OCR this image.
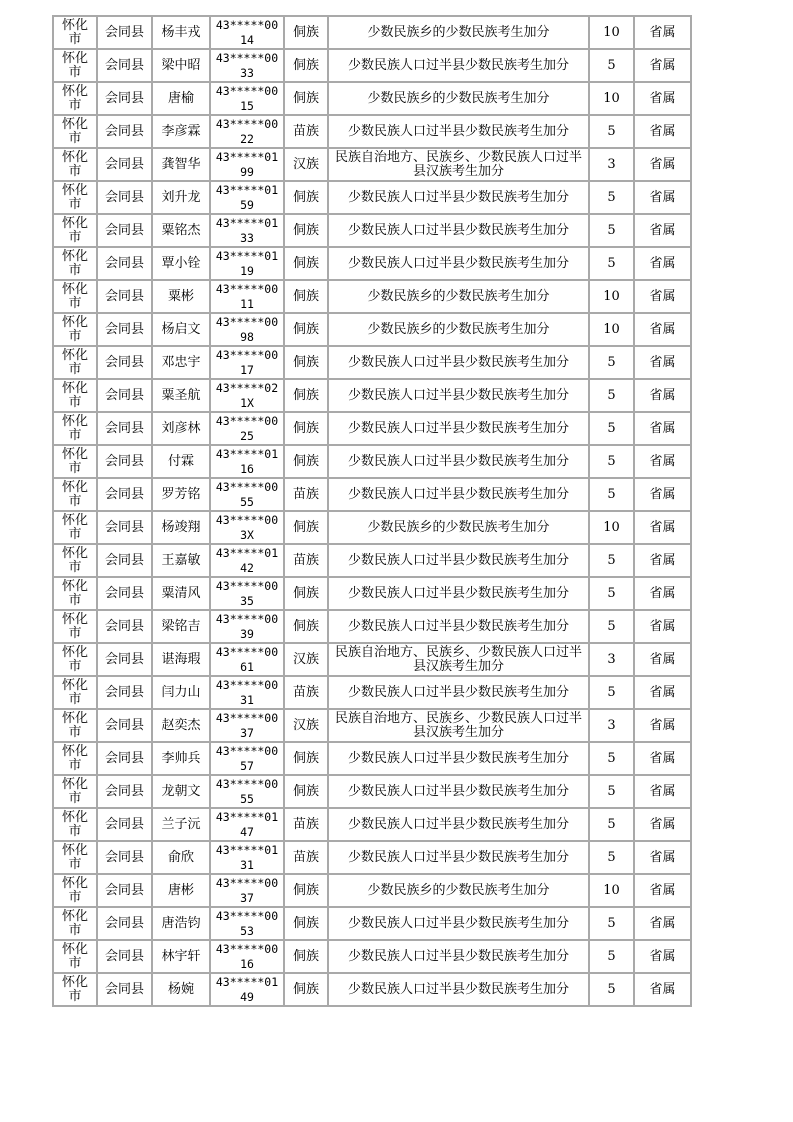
怀化市	会同县	杨丰戎	43*****0014	侗族	少数民族乡的少数民族考生加分	10	省属
怀化市	会同县	梁中昭	43*****0033	侗族	少数民族人口过半县少数民族考生加分	5	省属
怀化市	会同县	唐榆	43*****0015	侗族	少数民族乡的少数民族考生加分	10	省属
怀化市	会同县	李彦霖	43*****0022	苗族	少数民族人口过半县少数民族考生加分	5	省属
怀化市	会同县	龚智华	43*****0199	汉族	民族自治地方、民族乡、少数民族人口过半县汉族考生加分	3	省属
怀化市	会同县	刘升龙	43*****0159	侗族	少数民族人口过半县少数民族考生加分	5	省属
怀化市	会同县	粟铭杰	43*****0133	侗族	少数民族人口过半县少数民族考生加分	5	省属
怀化市	会同县	覃小铨	43*****0119	侗族	少数民族人口过半县少数民族考生加分	5	省属
怀化市	会同县	粟彬	43*****0011	侗族	少数民族乡的少数民族考生加分	10	省属
怀化市	会同县	杨启文	43*****0098	侗族	少数民族乡的少数民族考生加分	10	省属
怀化市	会同县	邓忠宇	43*****0017	侗族	少数民族人口过半县少数民族考生加分	5	省属
怀化市	会同县	粟圣航	43*****021X	侗族	少数民族人口过半县少数民族考生加分	5	省属
怀化市	会同县	刘彦林	43*****0025	侗族	少数民族人口过半县少数民族考生加分	5	省属
怀化市	会同县	付霖	43*****0116	侗族	少数民族人口过半县少数民族考生加分	5	省属
怀化市	会同县	罗芳铭	43*****0055	苗族	少数民族人口过半县少数民族考生加分	5	省属
怀化市	会同县	杨竣翔	43*****003X	侗族	少数民族乡的少数民族考生加分	10	省属
怀化市	会同县	王嘉敏	43*****0142	苗族	少数民族人口过半县少数民族考生加分	5	省属
怀化市	会同县	粟清风	43*****0035	侗族	少数民族人口过半县少数民族考生加分	5	省属
怀化市	会同县	梁铭吉	43*****0039	侗族	少数民族人口过半县少数民族考生加分	5	省属
怀化市	会同县	谌海瑕	43*****0061	汉族	民族自治地方、民族乡、少数民族人口过半县汉族考生加分	3	省属
怀化市	会同县	闫力山	43*****0031	苗族	少数民族人口过半县少数民族考生加分	5	省属
怀化市	会同县	赵奕杰	43*****0037	汉族	民族自治地方、民族乡、少数民族人口过半县汉族考生加分	3	省属
怀化市	会同县	李帅兵	43*****0057	侗族	少数民族人口过半县少数民族考生加分	5	省属
怀化市	会同县	龙朝文	43*****0055	侗族	少数民族人口过半县少数民族考生加分	5	省属
怀化市	会同县	兰子沅	43*****0147	苗族	少数民族人口过半县少数民族考生加分	5	省属
怀化市	会同县	俞欣	43*****0131	苗族	少数民族人口过半县少数民族考生加分	5	省属
怀化市	会同县	唐彬	43*****0037	侗族	少数民族乡的少数民族考生加分	10	省属
怀化市	会同县	唐浩钧	43*****0053	侗族	少数民族人口过半县少数民族考生加分	5	省属
怀化市	会同县	林宇轩	43*****0016	侗族	少数民族人口过半县少数民族考生加分	5	省属
怀化市	会同县	杨婉	43*****0149	侗族	少数民族人口过半县少数民族考生加分	5	省属
